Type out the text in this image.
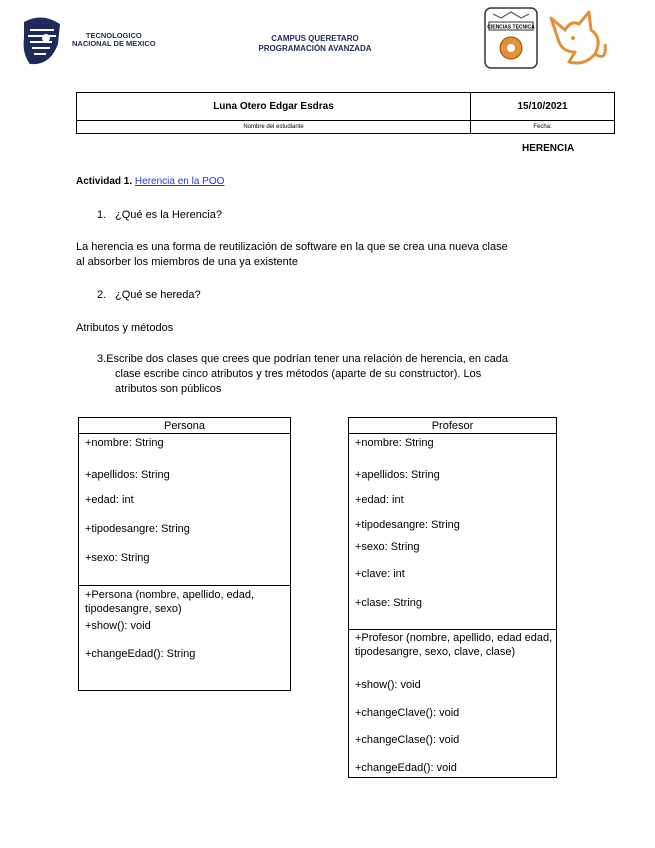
TECNOLOGICO
NACIONAL DE MEXICO
CAMPUS QUERETARO
PROGRAMACIÓN AVANZADA
CIENCIAS TECNICA
Luna Otero Edgar Esdras	15/10/2021
Nombre del estudiante	Fecha:
HERENCIA
Actividad 1. Herencia en la POO
1. ¿Qué es la Herencia?
La herencia es una forma de reutilización de software en la que se crea una nueva clase
al absorber los miembros de una ya existente
2. ¿Qué se hereda?
Atributos y métodos
3.Escribe dos clases que crees que podrían tener una relación de herencia, en cada
clase escribe cinco atributos y tres métodos (aparte de su constructor). Los
atributos son públicos
Persona
+nombre: String
+apellidos: String
+edad: int
+tipodesangre: String
+sexo: String
+Persona (nombre, apellido, edad, tipodesangre, sexo)
+show(): void
+changeEdad(): String
Profesor
+nombre: String
+apellidos: String
+edad: int
+tipodesangre: String
+sexo: String
+clave: int
+clase: String
+Profesor (nombre, apellido, edad edad, tipodesangre, sexo, clave, clase)
+show(): void
+changeClave(): void
+changeClase(): void
+changeEdad(): void
